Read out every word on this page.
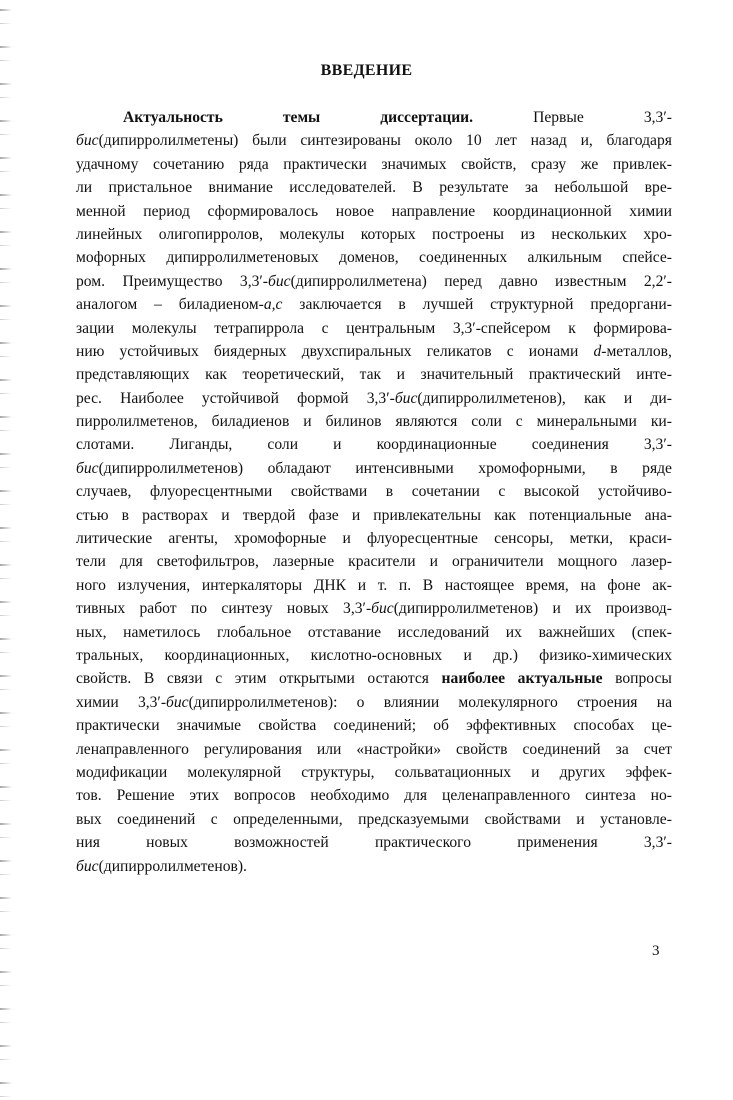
ВВЕДЕНИЕ
Актуальность	темы	диссертации.	Первые	3,3′-
бис(дипирролилметены) были синтезированы около 10 лет назад и, благодаря
удачному сочетанию ряда практически значимых свойств, сразу же привлек-
ли пристальное внимание исследователей. В результате за небольшой вре-
менной период сформировалось новое направление координационной химии
линейных олигопирролов, молекулы которых построены из нескольких хро-
мофорных дипирролилметеновых доменов, соединенных алкильным спейсе-
ром. Преимущество 3,3′-бис(дипирролилметена) перед давно известным 2,2′-
аналогом – биладиеном-а,с заключается в лучшей структурной предоргани-
зации молекулы тетрапиррола с центральным 3,3′-спейсером к формирова-
нию устойчивых биядерных двухспиральных геликатов с ионами d-металлов,
представляющих как теоретический, так и значительный практический инте-
рес. Наиболее устойчивой формой 3,3′-бис(дипирролилметенов), как и ди-
пирролилметенов, биладиенов и билинов являются соли с минеральными ки-
слотами. Лиганды, соли и координационные соединения 3,3′-
бис(дипирролилметенов) обладают интенсивными хромофорными, в ряде
случаев, флуоресцентными свойствами в сочетании с высокой устойчиво-
стью в растворах и твердой фазе и привлекательны как потенциальные ана-
литические агенты, хромофорные и флуоресцентные сенсоры, метки, краси-
тели для светофильтров, лазерные красители и ограничители мощного лазер-
ного излучения, интеркаляторы ДНК и т. п. В настоящее время, на фоне ак-
тивных работ по синтезу новых 3,3′-бис(дипирролилметенов) и их производ-
ных, наметилось глобальное отставание исследований их важнейших (спек-
тральных, координационных, кислотно-основных и др.) физико-химических
свойств. В связи с этим открытыми остаются наиболее актуальные вопросы
химии 3,3′-бис(дипирролилметенов): о влиянии молекулярного строения на
практически значимые свойства соединений; об эффективных способах це-
ленаправленного регулирования или «настройки» свойств соединений за счет
модификации молекулярной структуры, сольватационных и других эффек-
тов. Решение этих вопросов необходимо для целенаправленного синтеза но-
вых соединений с определенными, предсказуемыми свойствами и установле-
ния	новых	возможностей	практического	применения	3,3′-
бис(дипирролилметенов).
3
